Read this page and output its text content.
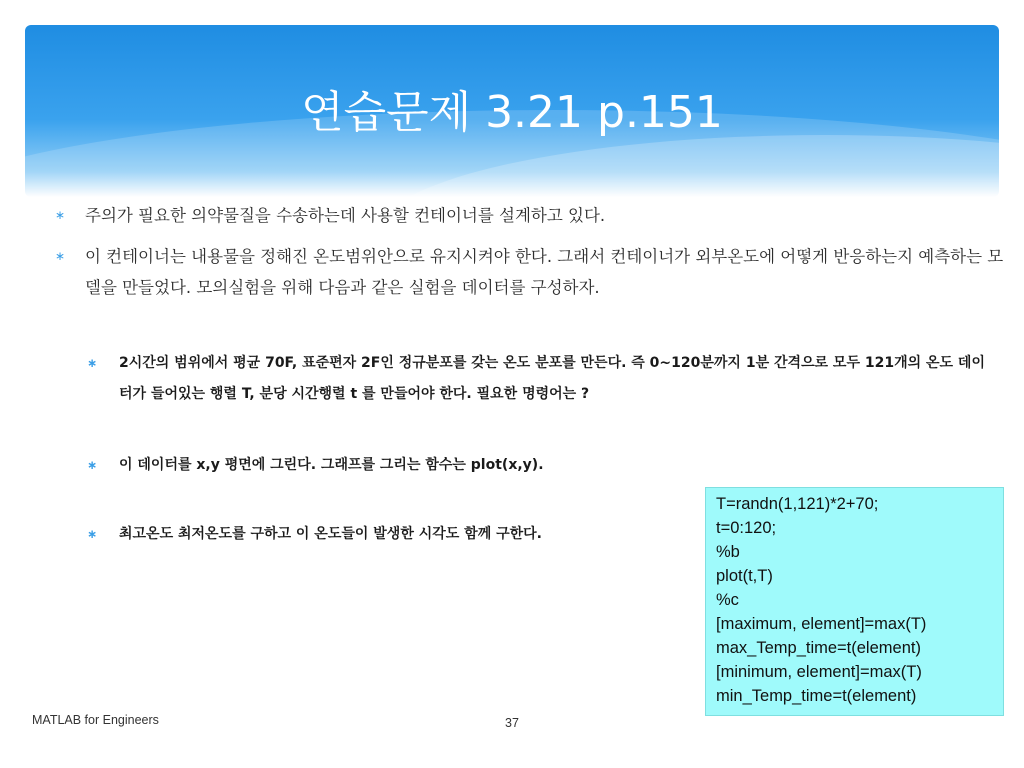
연습문제 3.21 p.151
∗ 주의가 필요한 의약물질을 수송하는데 사용할 컨테이너를 설계하고 있다.
∗ 이 컨테이너는 내용물을 정해진 온도범위안으로 유지시켜야 한다. 그래서 컨테이너가 외부온도에 어떻게 반응하는지 예측하는 모델을 만들었다. 모의실험을 위해 다음과 같은 실험을 데이터를 구성하자.
∗ 2시간의 범위에서 평균 70F, 표준편자 2F인 정규분포를 갖는 온도 분포를 만든다. 즉 0~120분까지 1분 간격으로 모두 121개의 온도 데이터가 들어있는 행렬 T, 분당 시간행렬 t 를 만들어야 한다. 필요한 명령어는 ?
∗ 이 데이터를 x,y 평면에 그린다. 그래프를 그리는 함수는 plot(x,y).
∗ 최고온도 최저온도를 구하고 이 온도들이 발생한 시각도 함께 구한다.
T=randn(1,121)*2+70;
t=0:120;
%b
plot(t,T)
%c
[maximum, element]=max(T)
max_Temp_time=t(element)
[minimum, element]=max(T)
min_Temp_time=t(element)
MATLAB for Engineers	37
